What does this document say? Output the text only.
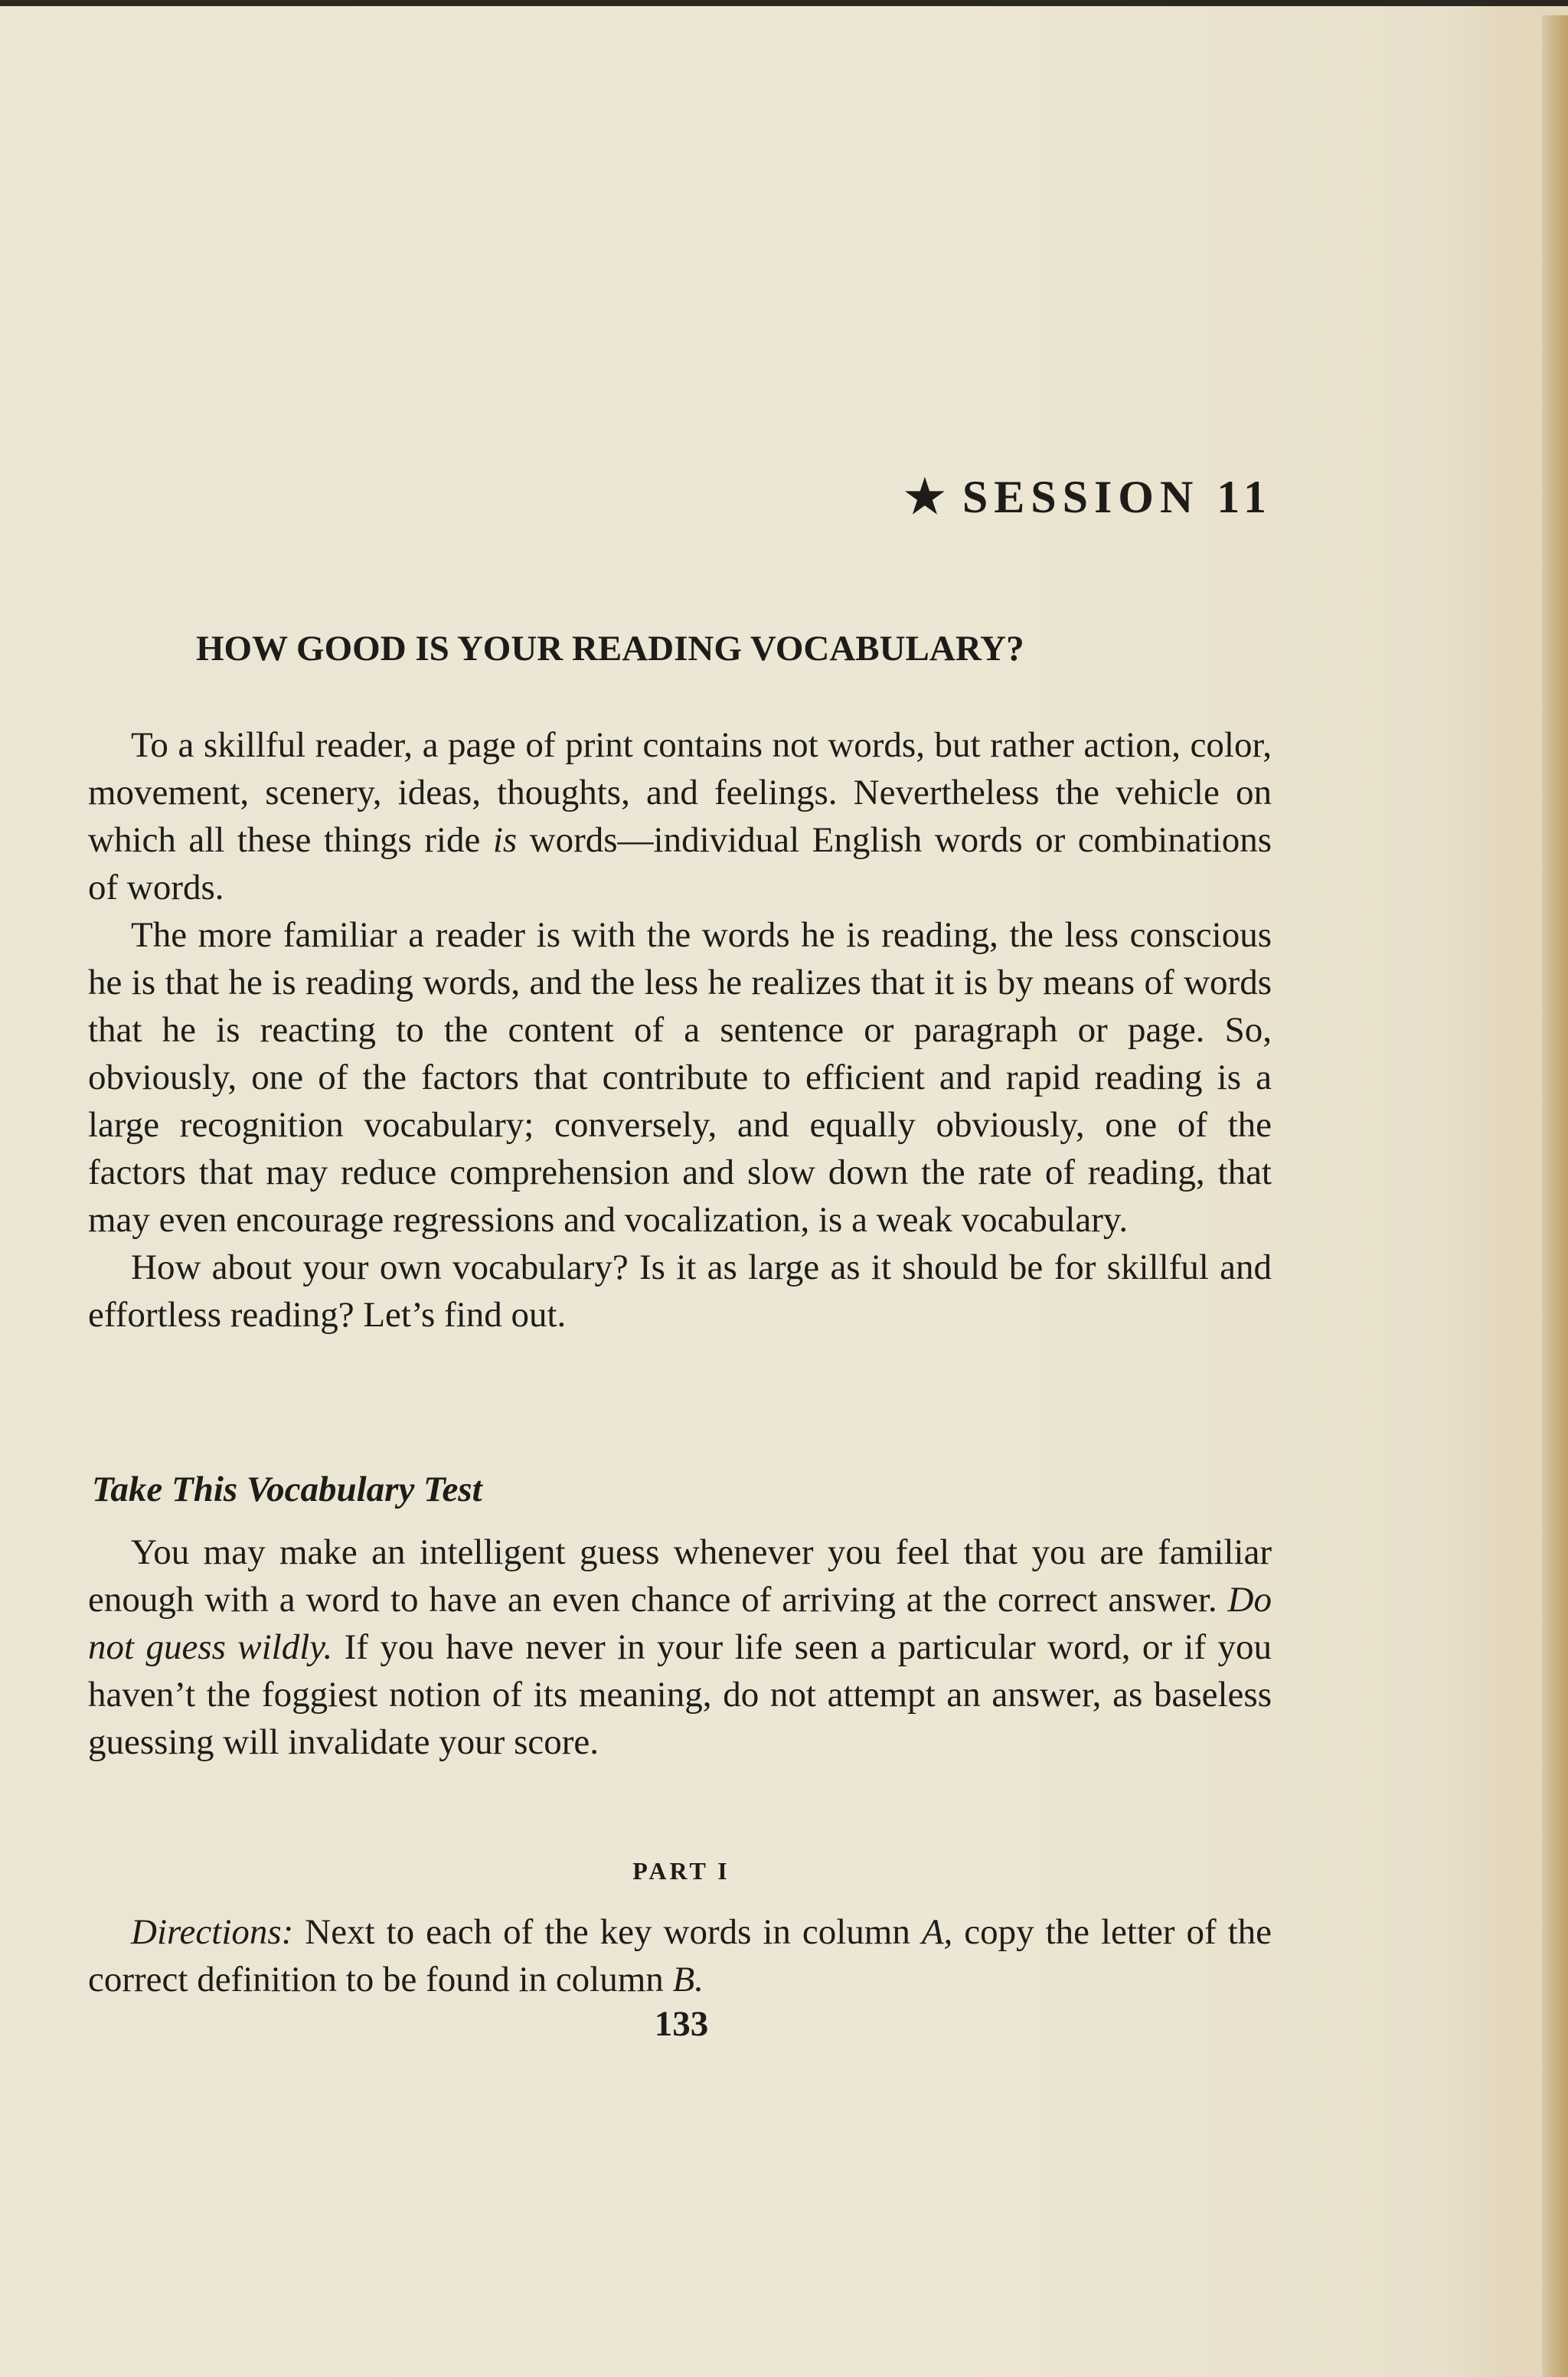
★ SESSION 11
HOW GOOD IS YOUR READING VOCABULARY?

To a skillful reader, a page of print contains not words, but rather action, color, movement, scenery, ideas, thoughts, and feelings. Nevertheless the vehicle on which all these things ride is words—individual English words or combinations of words.

The more familiar a reader is with the words he is reading, the less conscious he is that he is reading words, and the less he realizes that it is by means of words that he is reacting to the content of a sentence or paragraph or page. So, obviously, one of the factors that contribute to efficient and rapid reading is a large recognition vocabulary; conversely, and equally obviously, one of the factors that may reduce comprehension and slow down the rate of reading, that may even encourage regressions and vocalization, is a weak vocabulary.

How about your own vocabulary? Is it as large as it should be for skillful and effortless reading? Let’s find out.

Take This Vocabulary Test

You may make an intelligent guess whenever you feel that you are familiar enough with a word to have an even chance of arriving at the correct answer. Do not guess wildly. If you have never in your life seen a particular word, or if you haven’t the foggiest notion of its meaning, do not attempt an answer, as baseless guessing will invalidate your score.

PART I

Directions: Next to each of the key words in column A, copy the letter of the correct definition to be found in column B.

133
